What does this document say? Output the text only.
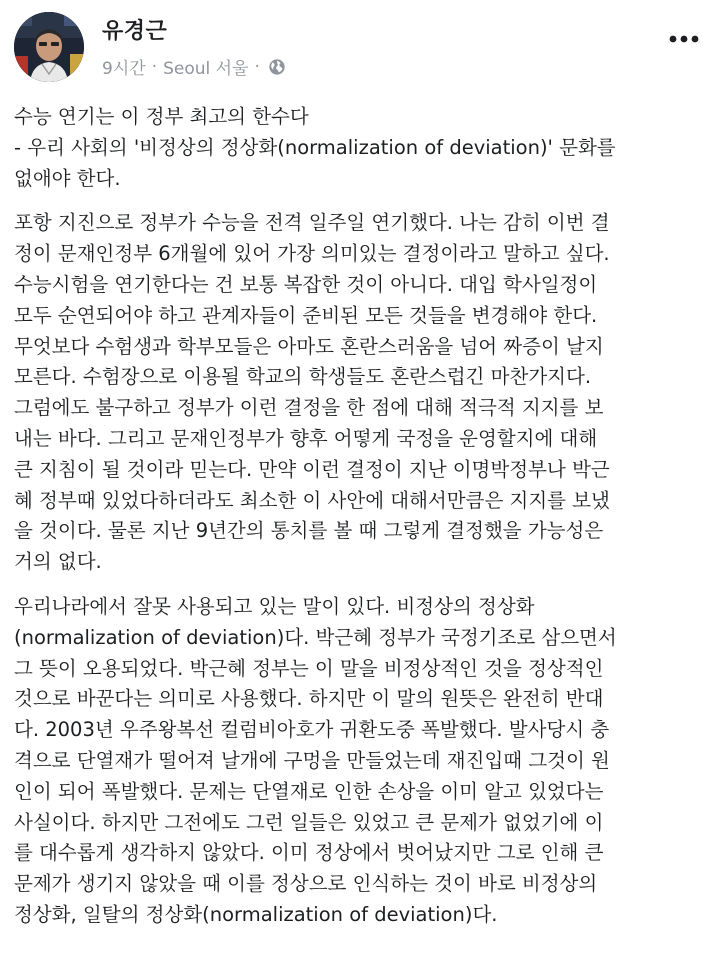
유경근
9시간 · Seoul 서울 ·
수능 연기는 이 정부 최고의 한수다
- 우리 사회의 '비정상의 정상화(normalization of deviation)' 문화를
없애야 한다.
포항 지진으로 정부가 수능을 전격 일주일 연기했다. 나는 감히 이번 결
정이 문재인정부 6개월에 있어 가장 의미있는 결정이라고 말하고 싶다.
수능시험을 연기한다는 건 보통 복잡한 것이 아니다. 대입 학사일정이
모두 순연되어야 하고 관계자들이 준비된 모든 것들을 변경해야 한다.
무엇보다 수험생과 학부모들은 아마도 혼란스러움을 넘어 짜증이 날지
모른다. 수험장으로 이용될 학교의 학생들도 혼란스럽긴 마찬가지다.
그럼에도 불구하고 정부가 이런 결정을 한 점에 대해 적극적 지지를 보
내는 바다. 그리고 문재인정부가 향후 어떻게 국정을 운영할지에 대해
큰 지침이 될 것이라 믿는다. 만약 이런 결정이 지난 이명박정부나 박근
혜 정부때 있었다하더라도 최소한 이 사안에 대해서만큼은 지지를 보냈
을 것이다. 물론 지난 9년간의 통치를 볼 때 그렇게 결정했을 가능성은
거의 없다.
우리나라에서 잘못 사용되고 있는 말이 있다. 비정상의 정상화
(normalization of deviation)다. 박근혜 정부가 국정기조로 삼으면서
그 뜻이 오용되었다. 박근혜 정부는 이 말을 비정상적인 것을 정상적인
것으로 바꾼다는 의미로 사용했다. 하지만 이 말의 원뜻은 완전히 반대
다. 2003년 우주왕복선 컬럼비아호가 귀환도중 폭발했다. 발사당시 충
격으로 단열재가 떨어져 날개에 구멍을 만들었는데 재진입때 그것이 원
인이 되어 폭발했다. 문제는 단열재로 인한 손상을 이미 알고 있었다는
사실이다. 하지만 그전에도 그런 일들은 있었고 큰 문제가 없었기에 이
를 대수롭게 생각하지 않았다. 이미 정상에서 벗어났지만 그로 인해 큰
문제가 생기지 않았을 때 이를 정상으로 인식하는 것이 바로 비정상의
정상화, 일탈의 정상화(normalization of deviation)다.
